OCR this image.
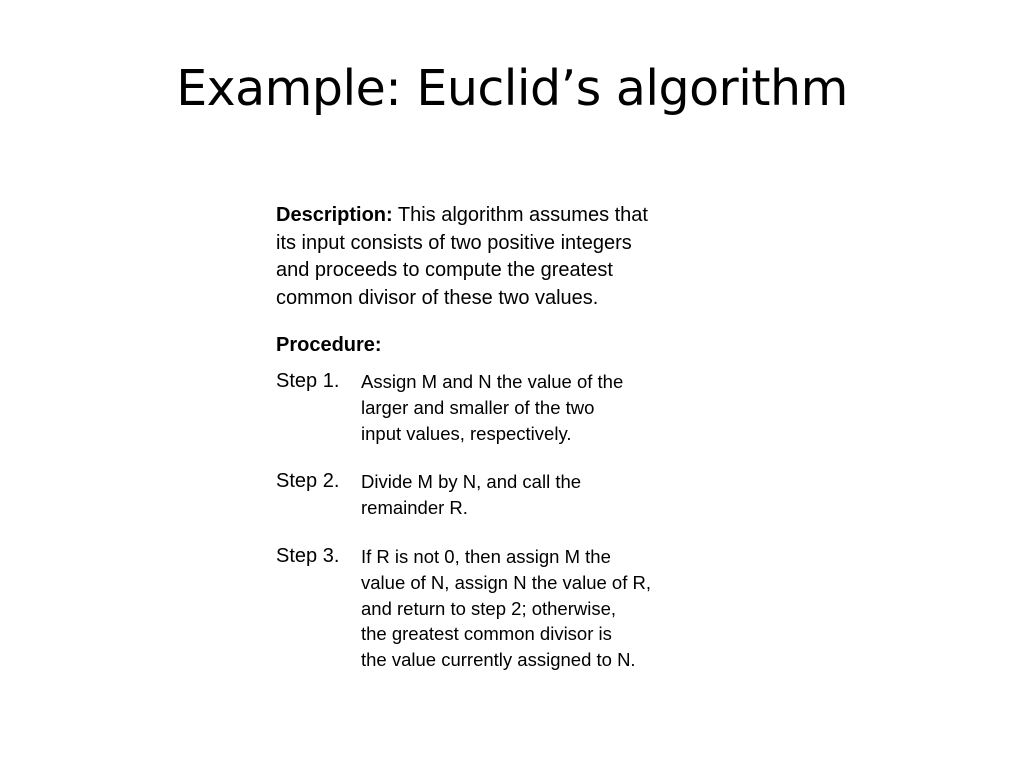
Example: Euclid’s algorithm

Description: This algorithm assumes that
its input consists of two positive integers
and proceeds to compute the greatest
common divisor of these two values.

Procedure:
Step 1.	Assign M and N the value of the
larger and smaller of the two
input values, respectively.
Step 2.	Divide M by N, and call the
remainder R.
Step 3.	If R is not 0, then assign M the
value of N, assign N the value of R,
and return to step 2; otherwise,
the greatest common divisor is
the value currently assigned to N.
